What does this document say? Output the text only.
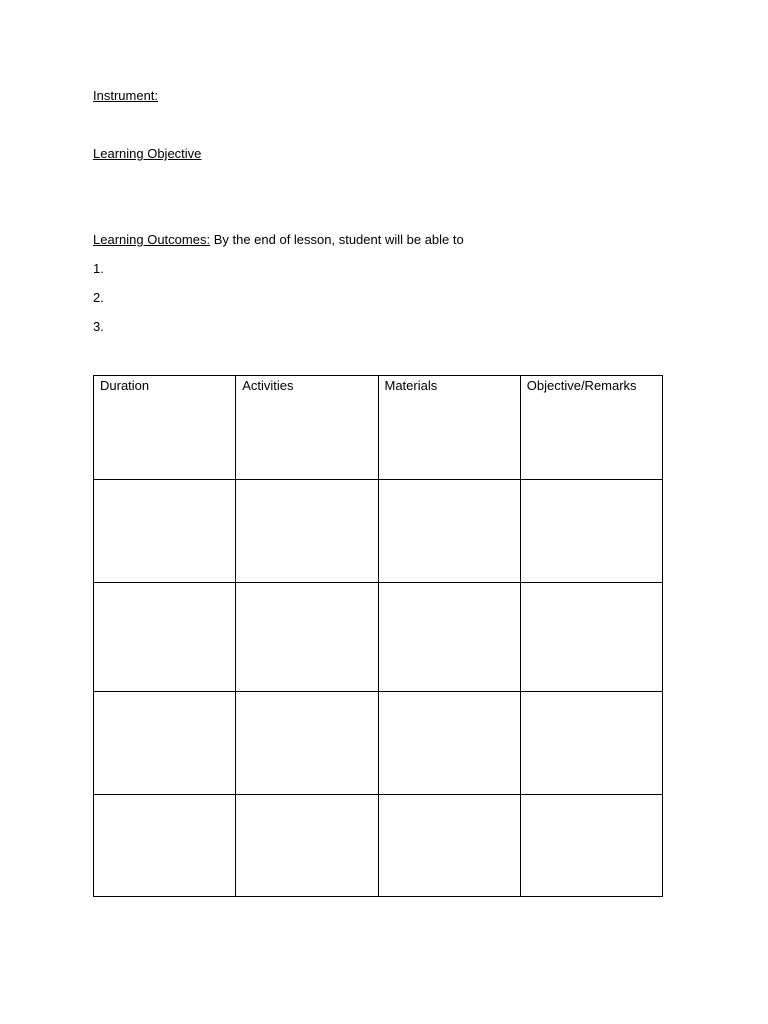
Instrument:
Learning Objective
Learning Outcomes: By the end of lesson, student will be able to
1.
2.
3.
Duration	Activities	Materials	Objective/Remarks
